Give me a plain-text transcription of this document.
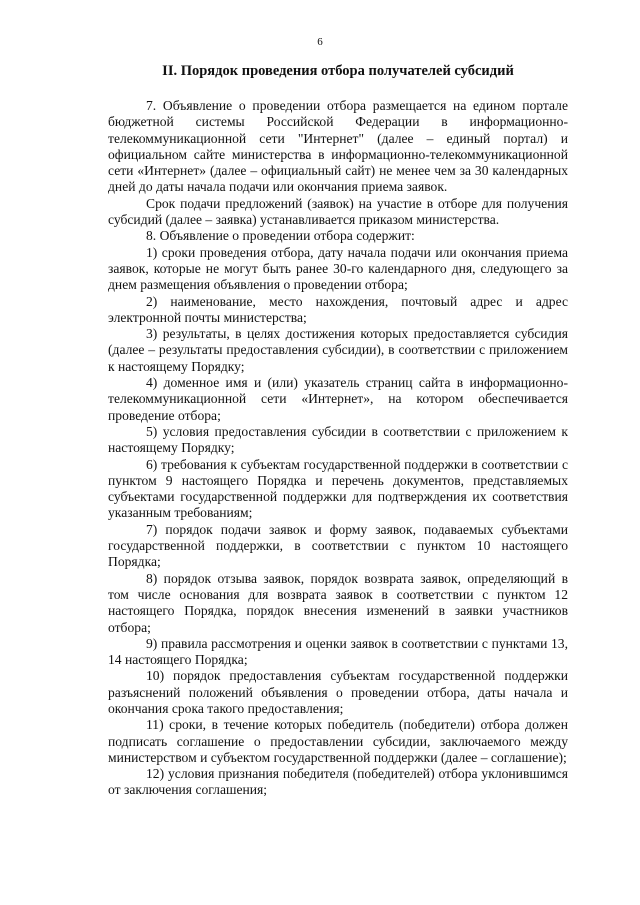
6
II. Порядок проведения отбора получателей субсидий

7. Объявление о проведении отбора размещается на едином портале бюджетной системы Российской Федерации в информационно-телекоммуникационной сети "Интернет" (далее – единый портал) и официальном сайте министерства в информационно-телекоммуникационной сети «Интернет» (далее – официальный сайт) не менее чем за 30 календарных дней до даты начала подачи или окончания приема заявок.

Срок подачи предложений (заявок) на участие в отборе для получения субсидий (далее – заявка) устанавливается приказом министерства.

8. Объявление о проведении отбора содержит:

1) сроки проведения отбора, дату начала подачи или окончания приема заявок, которые не могут быть ранее 30-го календарного дня, следующего за днем размещения объявления о проведении отбора;

2) наименование, место нахождения, почтовый адрес и адрес электронной почты министерства;

3) результаты, в целях достижения которых предоставляется субсидия (далее – результаты предоставления субсидии), в соответствии с приложением к настоящему Порядку;

4) доменное имя и (или) указатель страниц сайта в информационно-телекоммуникационной сети «Интернет», на котором обеспечивается проведение отбора;

5) условия предоставления субсидии в соответствии с приложением к настоящему Порядку;

6) требования к субъектам государственной поддержки в соответствии с пунктом 9 настоящего Порядка и перечень документов, представляемых субъектами государственной поддержки для подтверждения их соответствия указанным требованиям;

7) порядок подачи заявок и форму заявок, подаваемых субъектами государственной поддержки, в соответствии с пунктом 10 настоящего Порядка;

8) порядок отзыва заявок, порядок возврата заявок, определяющий в том числе основания для возврата заявок в соответствии с пунктом 12 настоящего Порядка, порядок внесения изменений в заявки участников отбора;

9) правила рассмотрения и оценки заявок в соответствии с пунктами 13, 14 настоящего Порядка;

10) порядок предоставления субъектам государственной поддержки разъяснений положений объявления о проведении отбора, даты начала и окончания срока такого предоставления;

11) сроки, в течение которых победитель (победители) отбора должен подписать соглашение о предоставлении субсидии, заключаемого между министерством и субъектом государственной поддержки (далее – соглашение);

12) условия признания победителя (победителей) отбора уклонившимся от заключения соглашения;
